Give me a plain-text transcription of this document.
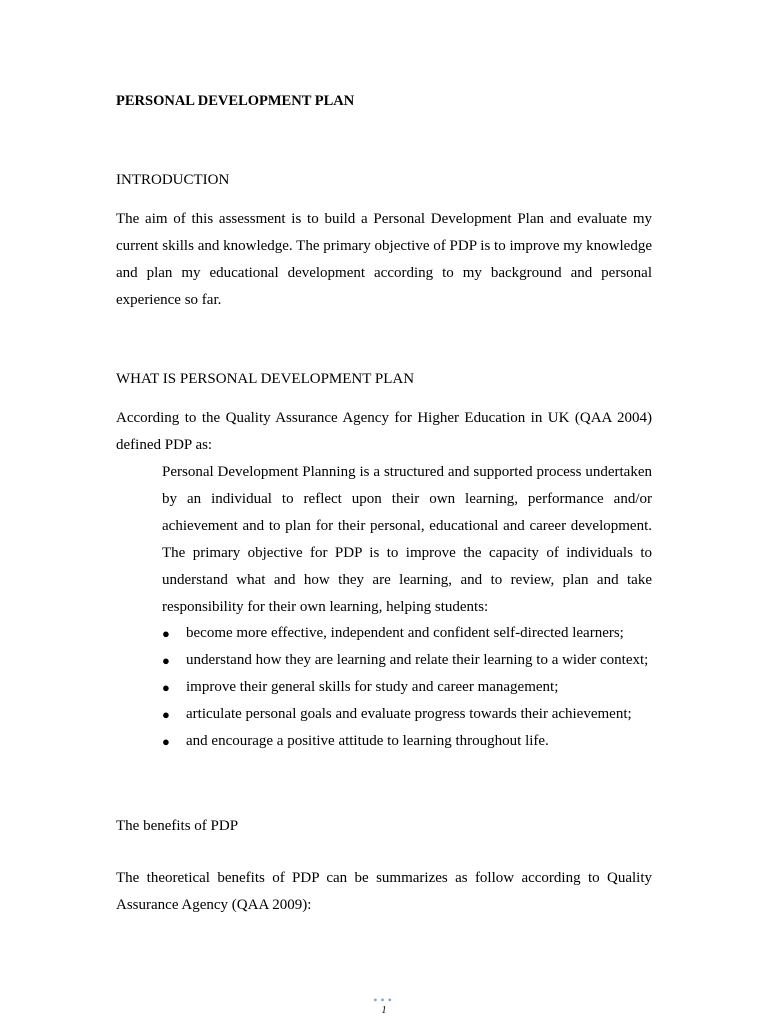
PERSONAL DEVELOPMENT PLAN
INTRODUCTION

The aim of this assessment is to build a Personal Development Plan and evaluate my current skills and knowledge. The primary objective of PDP is to improve my knowledge and plan my educational development according to my background and personal experience so far.

WHAT IS PERSONAL DEVELOPMENT PLAN

According to the Quality Assurance Agency for Higher Education in UK (QAA 2004) defined PDP as:

Personal Development Planning is a structured and supported process undertaken by an individual to reflect upon their own learning, performance and/or achievement and to plan for their personal, educational and career development. The primary objective for PDP is to improve the capacity of individuals to understand what and how they are learning, and to review, plan and take responsibility for their own learning, helping students:

● become more effective, independent and confident self-directed learners;
● understand how they are learning and relate their learning to a wider context;
● improve their general skills for study and career management;
● articulate personal goals and evaluate progress towards their achievement;
● and encourage a positive attitude to learning throughout life.
The benefits of PDP

The theoretical benefits of PDP can be summarizes as follow according to Quality Assurance Agency (QAA 2009):

•••
1
